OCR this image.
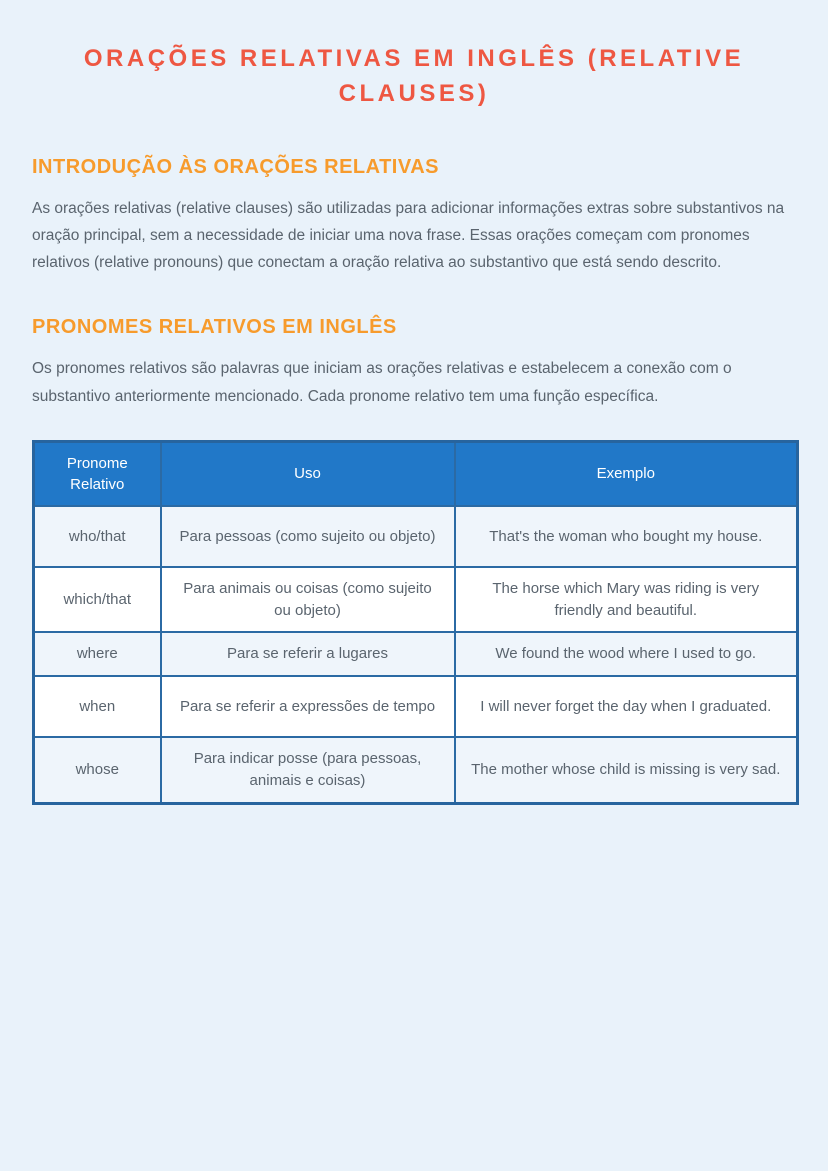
ORAÇÕES RELATIVAS EM INGLÊS (RELATIVE CLAUSES)
INTRODUÇÃO ÀS ORAÇÕES RELATIVAS

As orações relativas (relative clauses) são utilizadas para adicionar informações extras sobre substantivos na oração principal, sem a necessidade de iniciar uma nova frase. Essas orações começam com pronomes relativos (relative pronouns) que conectam a oração relativa ao substantivo que está sendo descrito.

PRONOMES RELATIVOS EM INGLÊS

Os pronomes relativos são palavras que iniciam as orações relativas e estabelecem a conexão com o substantivo anteriormente mencionado. Cada pronome relativo tem uma função específica.

Pronome Relativo	Uso	Exemplo
who/that	Para pessoas (como sujeito ou objeto)	That's the woman who bought my house.
which/that	Para animais ou coisas (como sujeito ou objeto)	The horse which Mary was riding is very friendly and beautiful.
where	Para se referir a lugares	We found the wood where I used to go.
when	Para se referir a expressões de tempo	I will never forget the day when I graduated.
whose	Para indicar posse (para pessoas, animais e coisas)	The mother whose child is missing is very sad.
